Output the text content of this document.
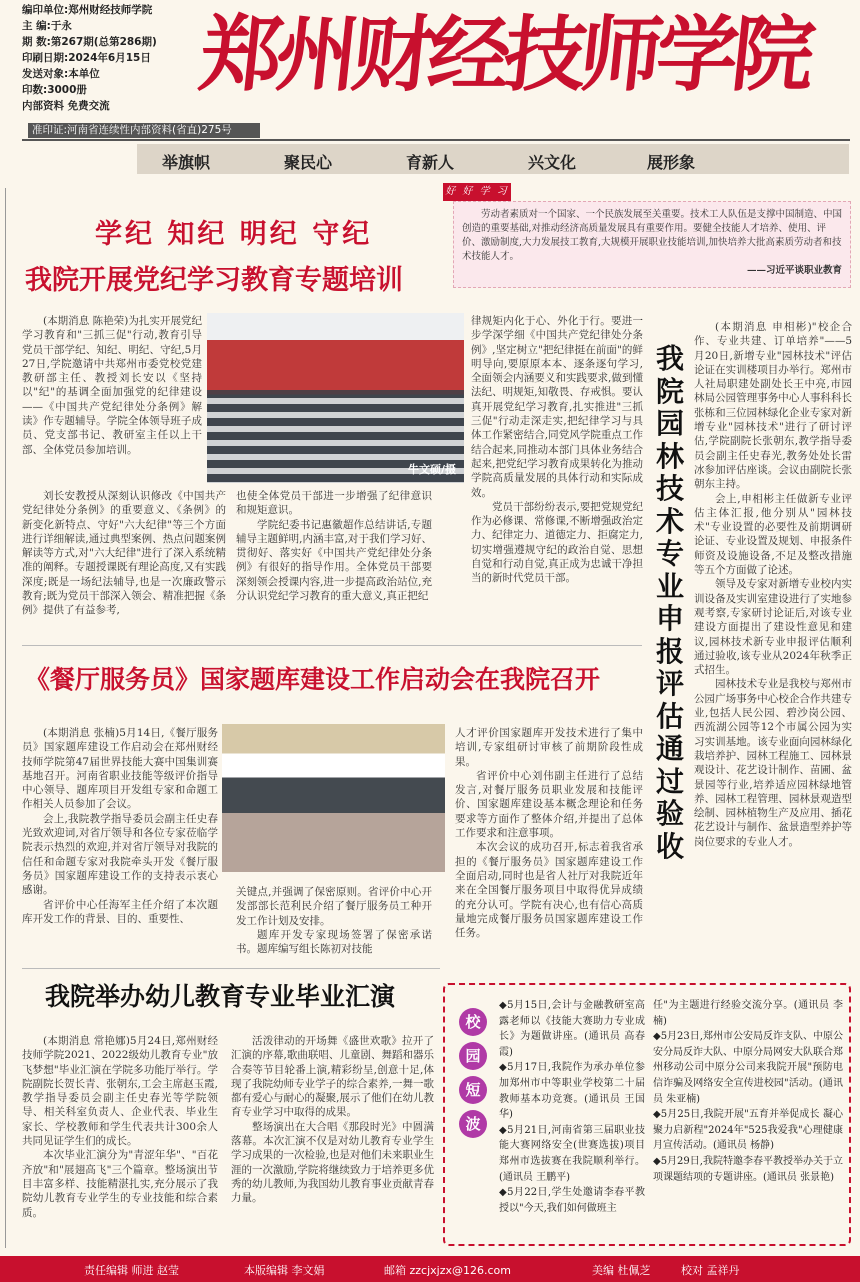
编印单位:郑州财经技师学院
主 编:于永
期 数:第267期(总第286期)
印刷日期:2024年6月15日
发送对象:本单位
印数:3000册
内部资料 免费交流
郑州财经技师学院
准印证:河南省连续性内部资料(省直)275号
举旗帜	聚民心	育新人	兴文化	展形象
好 好 学 习
劳动者素质对一个国家、一个民族发展至关重要。技术工人队伍是支撑中国制造、中国创造的重要基础,对推动经济高质量发展具有重要作用。要健全技能人才培养、使用、评价、激励制度,大力发展技工教育,大规模开展职业技能培训,加快培养大批高素质劳动者和技术技能人才。
——习近平谈职业教育
学纪 知纪 明纪 守纪
我院开展党纪学习教育专题培训

(本期消息 陈艳荣)为扎实开展党纪学习教育和"三抓三促"行动,教育引导党员干部学纪、知纪、明纪、守纪,5月27日,学院邀请中共郑州市委党校党建教研部主任、教授刘长安以《坚持以"纪"的基调全面加强党的纪律建设——《中国共产党纪律处分条例》解读》作专题辅导。学院全体领导班子成员、党支部书记、教研室主任以上干部、全体党员参加培训。

牛文硕/摄

刘长安教授从深刻认识修改《中国共产党纪律处分条例》的重要意义、《条例》的新变化新特点、守好"六大纪律"等三个方面进行详细解读,通过典型案例、热点问题案例解读等方式,对"六大纪律"进行了深入系统精准的阐释。专题授课既有理论高度,又有实践深度;既是一场纪法辅导,也是一次廉政警示教育;既为党员干部深入领会、精准把握《条例》提供了有益参考,

也使全体党员干部进一步增强了纪律意识和规矩意识。

学院纪委书记惠徽超作总结讲话,专题辅导主题鲜明,内涵丰富,对于我们学习好、贯彻好、落实好《中国共产党纪律处分条例》有很好的指导作用。全体党员干部要深刻领会授课内容,进一步提高政治站位,充分认识党纪学习教育的重大意义,真正把纪

律规矩内化于心、外化于行。要进一步学深学细《中国共产党纪律处分条例》,坚定树立"把纪律挺在前面"的鲜明导向,要原原本本、逐条逐句学习,全面领会内涵要义和实践要求,做到懂法纪、明规矩,知敬畏、存戒惧。要认真开展党纪学习教育,扎实推进"三抓三促"行动走深走实,把纪律学习与具体工作紧密结合,同党风学院重点工作结合起来,同推动本部门具体业务结合起来,把党纪学习教育成果转化为推动学院高质量发展的具体行动和实际成效。

党员干部纷纷表示,要把党规党纪作为必修课、常修课,不断增强政治定力、纪律定力、道德定力、拒腐定力,切实增强遵规守纪的政治自觉、思想自觉和行动自觉,真正成为忠诚干净担当的新时代党员干部。

我院园林技术专业申报评估通过验收

(本期消息 申相彬)"校企合作、专业共建、订单培养"——5月20日,新增专业"园林技术"评估论证在实训楼项目办举行。郑州市人社局职建处副处长王中亮,市园林局公园管理事务中心人事科科长张栋和三位园林绿化企业专家对新增专业"园林技术"进行了研讨评估,学院副院长张朝东,教学指导委员会副主任史春光,教务处处长雷冰参加评估座谈。会议由副院长张朝东主持。

会上,申相彬主任做新专业评估主体汇报,他分别从"园林技术"专业设置的必要性及前期调研论证、专业设置及规划、申报条件师资及设施设备,不足及整改措施等五个方面做了论述。

领导及专家对新增专业校内实训设备及实训室建设进行了实地参观考察,专家研讨论证后,对该专业建设方面提出了建设性意见和建议,园林技术新专业申报评估顺利通过验收,该专业从2024年秋季正式招生。

园林技术专业是我校与郑州市公园广场事务中心校企合作共建专业,包括人民公园、碧沙岗公园、西流湖公园等12个市属公园为实习实训基地。该专业面向园林绿化栽培养护、园林工程施工、园林景观设计、花艺设计制作、苗圃、盆景园等行业,培养适应园林绿地管养、园林工程管理、园林景观造型绘制、园林植物生产及应用、插花花艺设计与制作、盆景造型养护等岗位要求的专业人才。

《餐厅服务员》国家题库建设工作启动会在我院召开

(本期消息 张楠)5月14日,《餐厅服务员》国家题库建设工作启动会在郑州财经技师学院第47届世界技能大赛中国集训赛基地召开。河南省职业技能等级评价指导中心领导、题库项目开发组专家和命题工作相关人员参加了会议。

会上,我院教学指导委员会副主任史春光致欢迎词,对省厅领导和各位专家莅临学院表示热烈的欢迎,并对省厅领导对我院的信任和命题专家对我院牵头开发《餐厅服务员》国家题库建设工作的支持表示衷心感谢。

省评价中心任海军主任介绍了本次题库开发工作的背景、目的、重要性、

关键点,并强调了保密原则。省评价中心开发部部长范利民介绍了餐厅服务员工种开发工作计划及安排。

题库开发专家现场签署了保密承诺书。题库编写组长陈初对技能

人才评价国家题库开发技术进行了集中培训,专家组研讨审核了前期阶段性成果。

省评价中心刘伟副主任进行了总结发言,对餐厅服务员职业发展和技能评价、国家题库建设基本概念理论和任务要求等方面作了整体介绍,并提出了总体工作要求和注意事项。

本次会议的成功召开,标志着我省承担的《餐厅服务员》国家题库建设工作全面启动,同时也是省人社厅对我院近年来在全国餐厅服务项目中取得优异成绩的充分认可。学院有决心,也有信心高质量地完成餐厅服务员国家题库建设工作任务。

我院举办幼儿教育专业毕业汇演

(本期消息 常艳娜)5月24日,郑州财经技师学院2021、2022级幼儿教育专业"放飞梦想"毕业汇演在学院多功能厅举行。学院副院长贺长青、张朝东,工会主席赵玉霞,教学指导委员会副主任史春光等学院领导、相关科室负责人、企业代表、毕业生家长、学校教师和学生代表共计300余人共同见证学生们的成长。

本次毕业汇演分为"青涩年华"、"百花齐放"和"展翅高飞"三个篇章。整场演出节目丰富多样、技能精湛扎实,充分展示了我院幼儿教育专业学生的专业技能和综合素质。

活泼律动的开场舞《盛世欢歌》拉开了汇演的序幕,歌曲联唱、儿童剧、舞蹈和器乐合奏等节目轮番上演,精彩纷呈,创意十足,体现了我院幼师专业学子的综合素养,一舞一歌都有爱心与耐心的凝聚,展示了他们在幼儿教育专业学习中取得的成果。

整场演出在大合唱《那段时光》中圆满落幕。本次汇演不仅是对幼儿教育专业学生学习成果的一次检验,也是对他们未来职业生涯的一次激励,学院将继续致力于培养更多优秀的幼儿教师,为我国幼儿教育事业贡献青春力量。

校
园
短
波

◆5月15日,会计与金融教研室高露老师以《技能大赛助力专业成长》为题做讲座。(通讯员 高春霞)

◆5月17日,我院作为承办单位参加郑州市中等职业学校第二十届教师基本功竞赛。(通讯员 王国华)

◆5月21日,河南省第三届职业技能大赛网络安全(世赛选拔)项目郑州市选拔赛在我院顺利举行。(通讯员 王鹏平)

◆5月22日,学生处邀请李春平教授以"今天,我们如何做班主

任"为主题进行经验交流分享。(通讯员 李楠)

◆5月23日,郑州市公安局反诈支队、中原公安分局反诈大队、中原分局网安大队联合郑州移动公司中原分公司来我院开展"预防电信诈骗及网络安全宣传进校园"活动。(通讯员 朱亚楠)

◆5月25日,我院开展"五育并举促成长 凝心聚力启新程"2024年"525我爱我"心理健康月宣传活动。(通讯员 杨静)

◆5月29日,我院特邀李春平教授举办关于立项课题结项的专题讲座。(通讯员 张景艳)

责任编辑 师进 赵莹	本版编辑 李文娟	邮箱 zzcjxjzx@126.com	美编 杜佩芝	校对 孟祥丹
